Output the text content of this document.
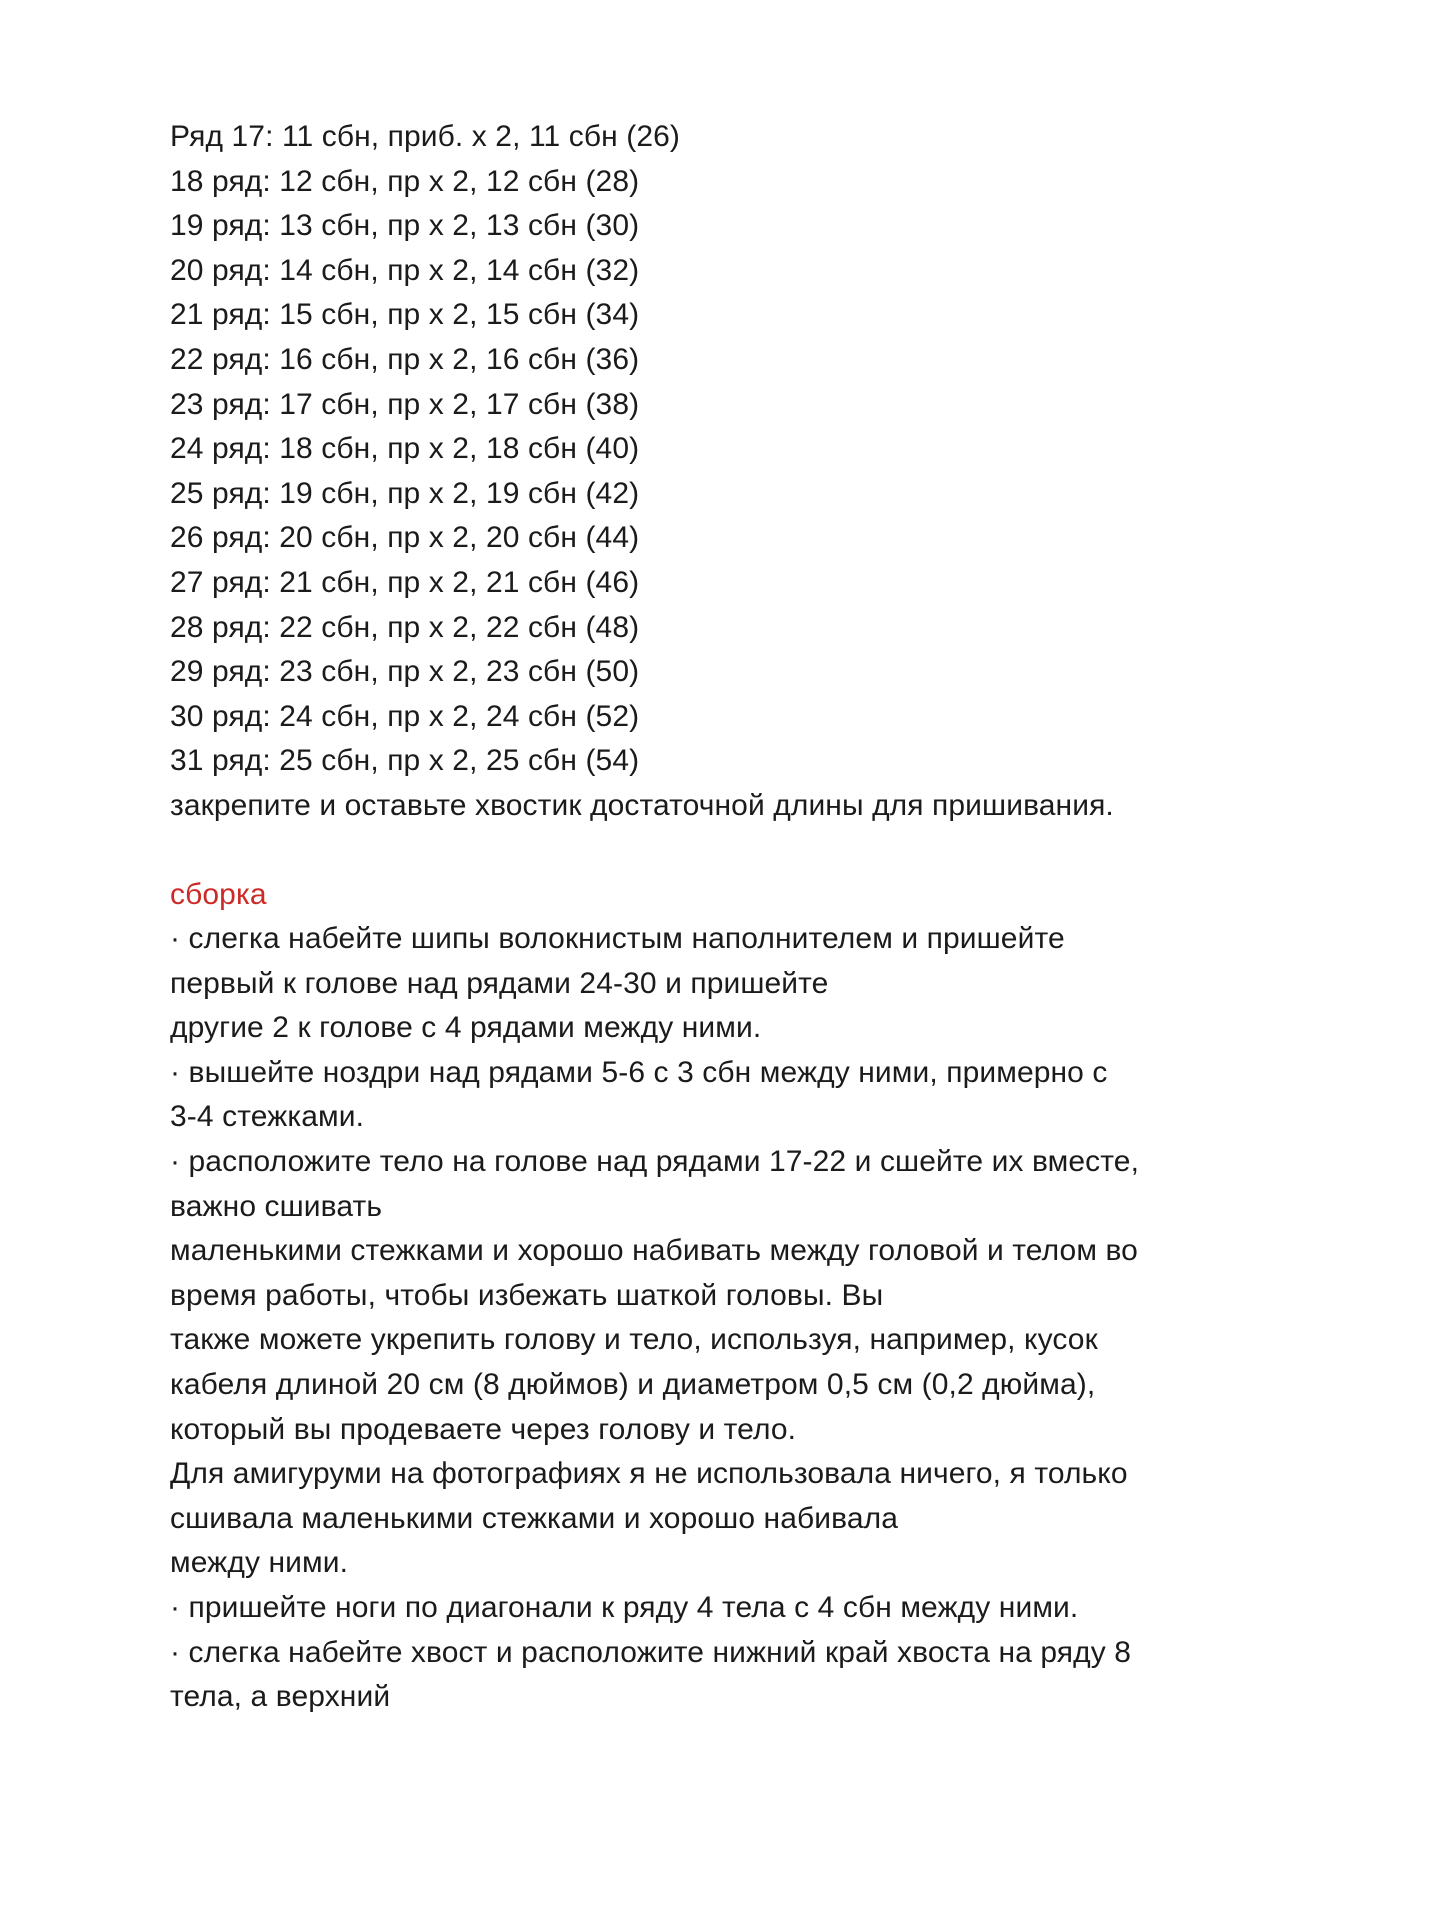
Ряд 17: 11 сбн, приб. х 2, 11 сбн (26)
18 ряд: 12 сбн, пр х 2, 12 сбн (28)
19 ряд: 13 сбн, пр х 2, 13 сбн (30)
20 ряд: 14 сбн, пр х 2, 14 сбн (32)
21 ряд: 15 сбн, пр х 2, 15 сбн (34)
22 ряд: 16 сбн, пр х 2, 16 сбн (36)
23 ряд: 17 сбн, пр х 2, 17 сбн (38)
24 ряд: 18 сбн, пр х 2, 18 сбн (40)
25 ряд: 19 сбн, пр х 2, 19 сбн (42)
26 ряд: 20 сбн, пр х 2, 20 сбн (44)
27 ряд: 21 сбн, пр х 2, 21 сбн (46)
28 ряд: 22 сбн, пр х 2, 22 сбн (48)
29 ряд: 23 сбн, пр х 2, 23 сбн (50)
30 ряд: 24 сбн, пр х 2, 24 сбн (52)
31 ряд: 25 сбн, пр х 2, 25 сбн (54)
закрепите и оставьте хвостик достаточной длины для пришивания.
сборка
· слегка набейте шипы волокнистым наполнителем и пришейте
первый к голове над рядами 24-30 и пришейте
другие 2 к голове с 4 рядами между ними.
· вышейте ноздри над рядами 5-6 с 3 сбн между ними, примерно с
3-4 стежками.
· расположите тело на голове над рядами 17-22 и сшейте их вместе,
важно сшивать
маленькими стежками и хорошо набивать между головой и телом во
время работы, чтобы избежать шаткой головы. Вы
также можете укрепить голову и тело, используя, например, кусок
кабеля длиной 20 см (8 дюймов) и диаметром 0,5 см (0,2 дюйма),
который вы продеваете через голову и тело.
Для амигуруми на фотографиях я не использовала ничего, я только
сшивала маленькими стежками и хорошо набивала
между ними.
· пришейте ноги по диагонали к ряду 4 тела с 4 сбн между ними.
· слегка набейте хвост и расположите нижний край хвоста на ряду 8
тела, а верхний
